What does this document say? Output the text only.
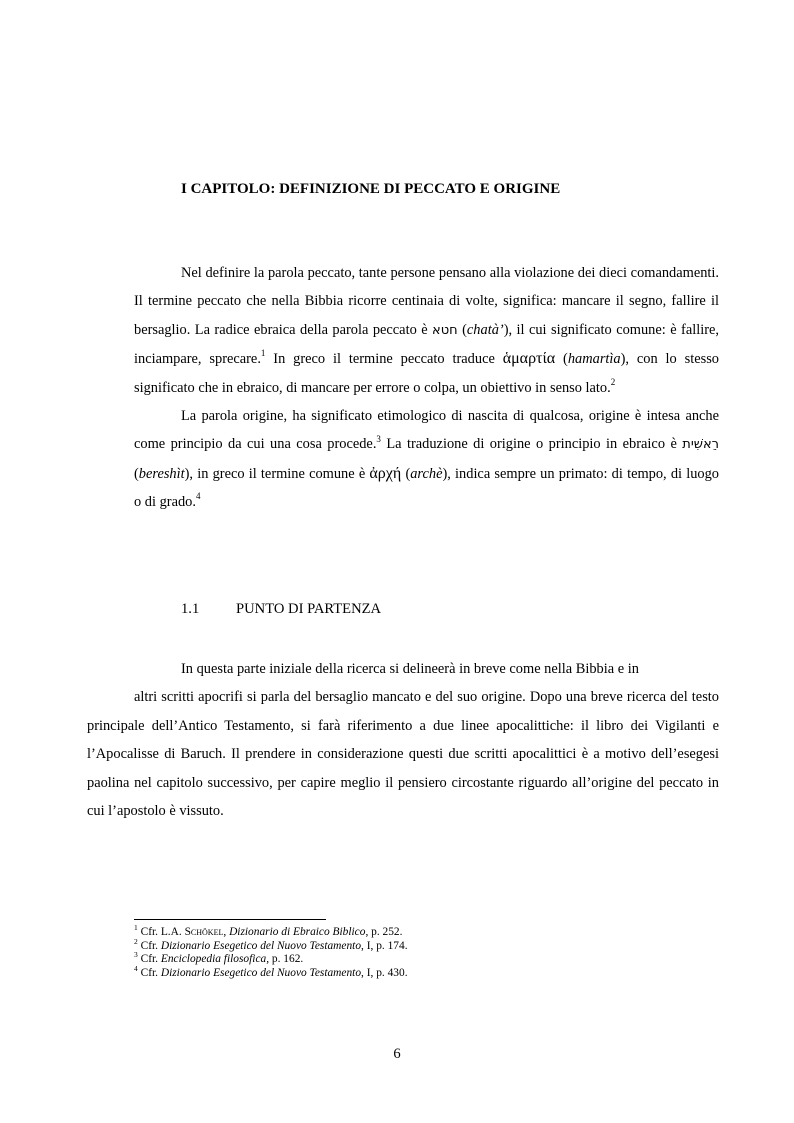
I CAPITOLO: DEFINIZIONE DI PECCATO E ORIGINE

Nel definire la parola peccato, tante persone pensano alla violazione dei dieci comandamenti. Il termine peccato che nella Bibbia ricorre centinaia di volte, significa: mancare il segno, fallire il bersaglio. La radice ebraica della parola peccato è חטא (chatà’), il cui significato comune: è fallire, inciampare, sprecare.$^1$ In greco il termine peccato traduce ἁμαρτία (hamartìa), con lo stesso significato che in ebraico, di mancare per errore o colpa, un obiettivo in senso lato.$^2$

La parola origine, ha significato etimologico di nascita di qualcosa, origine è intesa anche come principio da cui una cosa procede.$^3$ La traduzione di origine o principio in ebraico è רֵאשִׁית (bereshìt), in greco il termine comune è ἀρχή (archè), indica sempre un primato: di tempo, di luogo o di grado.$^4$

1.1	PUNTO DI PARTENZA

In questa parte iniziale della ricerca si delineerà in breve come nella Bibbia e in
altri scritti apocrifi si parla del bersaglio mancato e del suo origine. Dopo una breve ricerca del testo principale dell’Antico Testamento, si farà riferimento a due linee apocalittiche: il libro dei Vigilanti e l’Apocalisse di Baruch. Il prendere in considerazione questi due scritti apocalittici è a motivo dell’esegesi paolina nel capitolo successivo, per capire meglio il pensiero circostante riguardo all’origine del peccato in cui l’apostolo è vissuto.

$^1$ Cfr. L.A. Schökel, Dizionario di Ebraico Biblico, p. 252.
$^2$ Cfr. Dizionario Esegetico del Nuovo Testamento, I, p. 174.
$^3$ Cfr. Enciclopedia filosofica, p. 162.
$^4$ Cfr. Dizionario Esegetico del Nuovo Testamento, I, p. 430.
6
